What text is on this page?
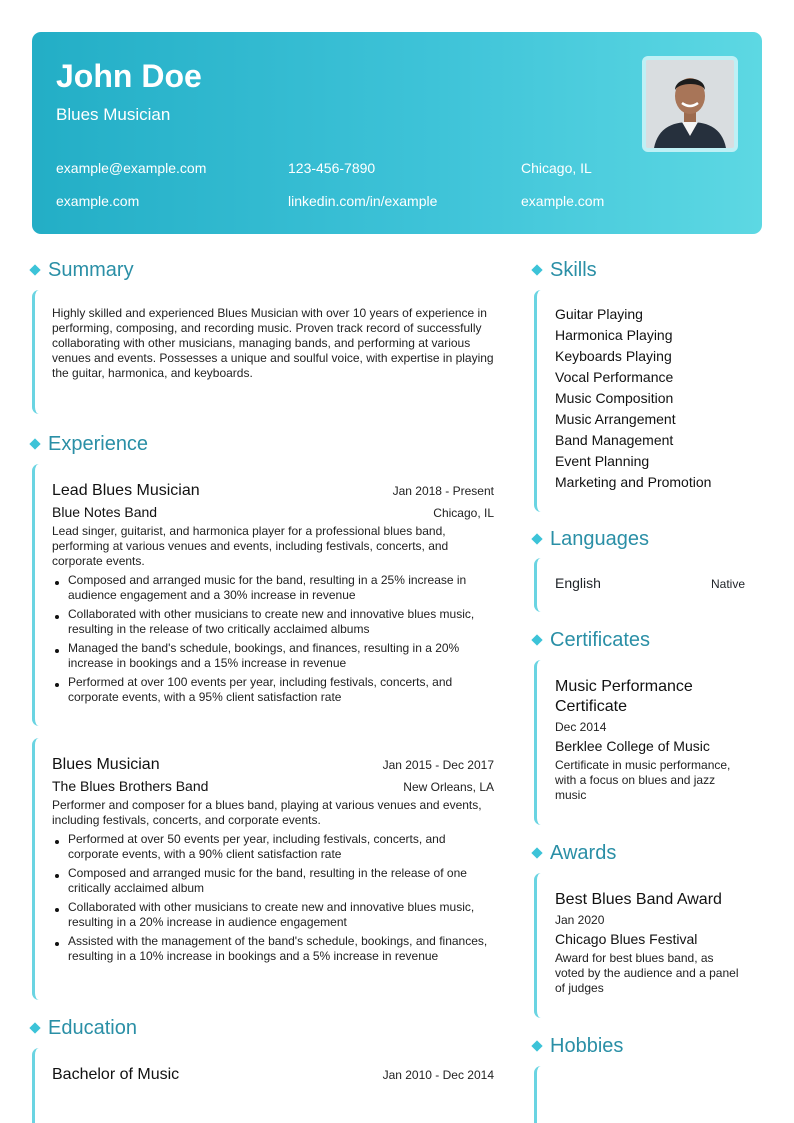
John Doe
Blues Musician
example@example.com	123-456-7890	Chicago, IL
example.com	linkedin.com/in/example	example.com
Summary

Highly skilled and experienced Blues Musician with over 10 years of experience in performing, composing, and recording music. Proven track record of successfully collaborating with other musicians, managing bands, and performing at various venues and events. Possesses a unique and soulful voice, with expertise in playing the guitar, harmonica, and keyboards.

Experience
Lead Blues Musician	Jan 2018 - Present
Blue Notes Band	Chicago, IL

Lead singer, guitarist, and harmonica player for a professional blues band, performing at various venues and events, including festivals, concerts, and corporate events.

Composed and arranged music for the band, resulting in a 25% increase in audience engagement and a 30% increase in revenue
Collaborated with other musicians to create new and innovative blues music, resulting in the release of two critically acclaimed albums
Managed the band's schedule, bookings, and finances, resulting in a 20% increase in bookings and a 15% increase in revenue
Performed at over 100 events per year, including festivals, concerts, and corporate events, with a 95% client satisfaction rate
Blues Musician	Jan 2015 - Dec 2017
The Blues Brothers Band	New Orleans, LA

Performer and composer for a blues band, playing at various venues and events, including festivals, concerts, and corporate events.

Performed at over 50 events per year, including festivals, concerts, and corporate events, with a 90% client satisfaction rate
Composed and arranged music for the band, resulting in the release of one critically acclaimed album
Collaborated with other musicians to create new and innovative blues music, resulting in a 20% increase in audience engagement
Assisted with the management of the band's schedule, bookings, and finances, resulting in a 10% increase in bookings and a 5% increase in revenue
Education
Bachelor of Music	Jan 2010 - Dec 2014
Skills
Guitar Playing
Harmonica Playing
Keyboards Playing
Vocal Performance
Music Composition
Music Arrangement
Band Management
Event Planning
Marketing and Promotion
Languages
English	Native
Certificates
Music Performance Certificate
Dec 2014
Berklee College of Music

Certificate in music performance, with a focus on blues and jazz music

Awards
Best Blues Band Award
Jan 2020
Chicago Blues Festival

Award for best blues band, as voted by the audience and a panel of judges

Hobbies
